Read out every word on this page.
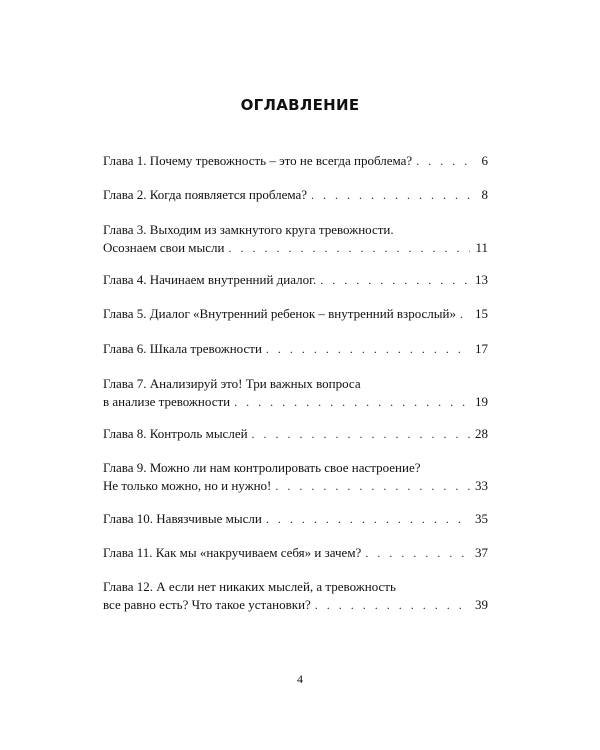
ОГЛАВЛЕНИЕ
Глава 1. Почему тревожность – это не всегда проблема? . . .	6
Глава 2. Когда появляется проблема? . . .	8
Глава 3. Выходим из замкнутого круга тревожности.
Осознаем свои мысли . . .	11
Глава 4. Начинаем внутренний диалог. . . .	13
Глава 5. Диалог «Внутренний ребенок – внутренний взрослый» . . . 15
Глава 6. Шкала тревожности . . .	17
Глава 7. Анализируй это! Три важных вопроса
в анализе тревожности . . .	19
Глава 8. Контроль мыслей . . .	28
Глава 9. Можно ли нам контролировать свое настроение?
Не только можно, но и нужно! . . .	33
Глава 10. Навязчивые мысли . . .	35
Глава 11. Как мы «накручиваем себя» и зачем? . . .	37
Глава 12. А если нет никаких мыслей, а тревожность
все равно есть? Что такое установки? . . .	39
4
